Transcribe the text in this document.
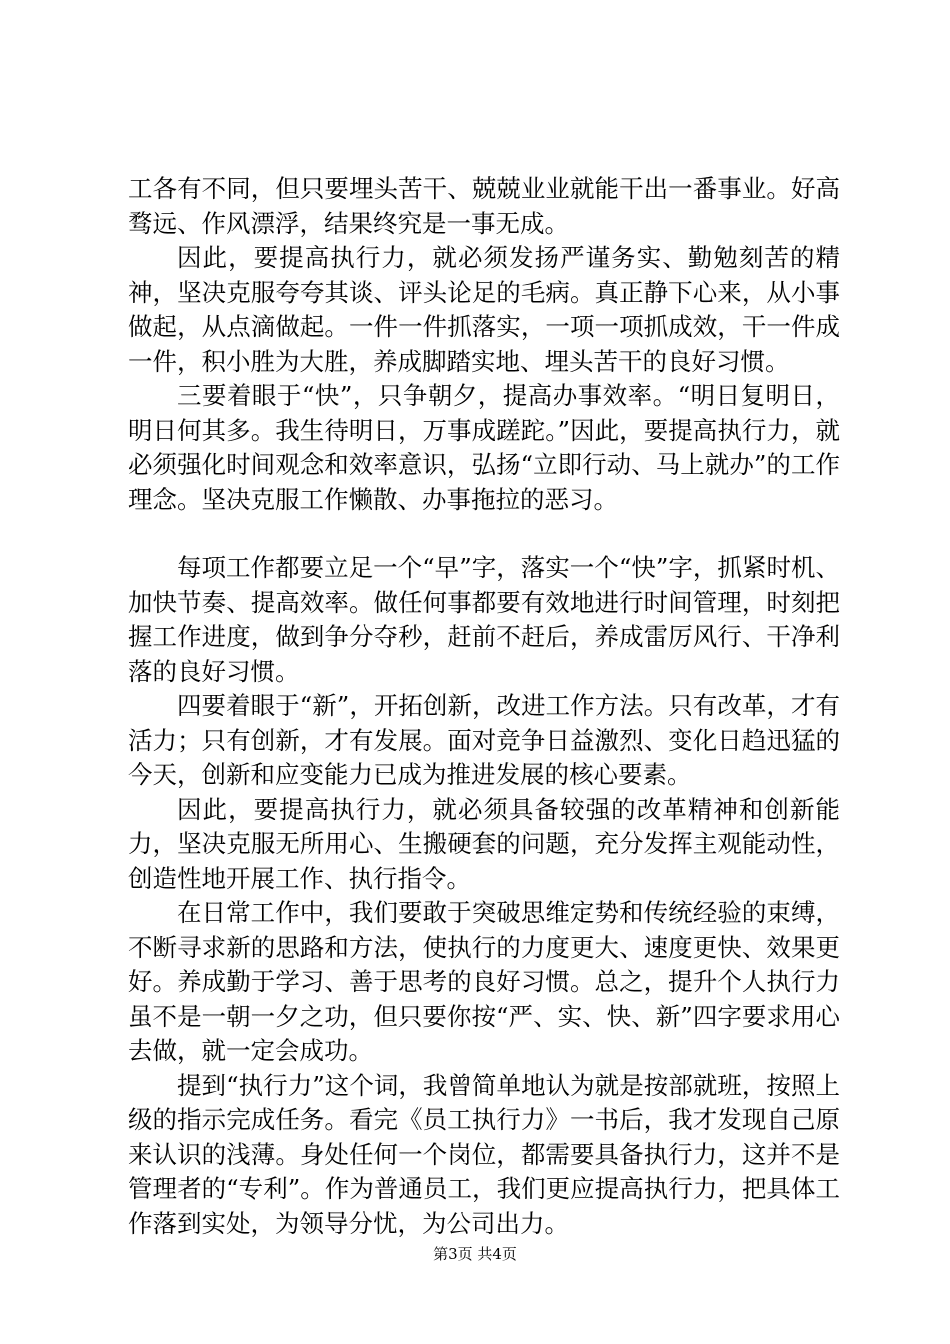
工各有不同，但只要埋头苦干、兢兢业业就能干出一番事业。好高骛远、作风漂浮，结果终究是一事无成。

因此，要提高执行力，就必须发扬严谨务实、勤勉刻苦的精神，坚决克服夸夸其谈、评头论足的毛病。真正静下心来，从小事做起，从点滴做起。一件一件抓落实，一项一项抓成效，干一件成一件，积小胜为大胜，养成脚踏实地、埋头苦干的良好习惯。

三要着眼于“快”，只争朝夕，提高办事效率。“明日复明日，明日何其多。我生待明日，万事成蹉跎。”因此，要提高执行力，就必须强化时间观念和效率意识，弘扬“立即行动、马上就办”的工作理念。坚决克服工作懒散、办事拖拉的恶习。

每项工作都要立足一个“早”字，落实一个“快”字，抓紧时机、加快节奏、提高效率。做任何事都要有效地进行时间管理，时刻把握工作进度，做到争分夺秒，赶前不赶后，养成雷厉风行、干净利落的良好习惯。

四要着眼于“新”，开拓创新，改进工作方法。只有改革，才有活力；只有创新，才有发展。面对竞争日益激烈、变化日趋迅猛的今天，创新和应变能力已成为推进发展的核心要素。

因此，要提高执行力，就必须具备较强的改革精神和创新能力，坚决克服无所用心、生搬硬套的问题，充分发挥主观能动性，创造性地开展工作、执行指令。

在日常工作中，我们要敢于突破思维定势和传统经验的束缚，不断寻求新的思路和方法，使执行的力度更大、速度更快、效果更好。养成勤于学习、善于思考的良好习惯。总之，提升个人执行力虽不是一朝一夕之功，但只要你按“严、实、快、新”四字要求用心去做，就一定会成功。

提到“执行力”这个词，我曾简单地认为就是按部就班，按照上级的指示完成任务。看完《员工执行力》一书后，我才发现自己原来认识的浅薄。身处任何一个岗位，都需要具备执行力，这并不是管理者的“专利”。作为普通员工，我们更应提高执行力，把具体工作落到实处，为领导分忧，为公司出力。

第3页 共4页
